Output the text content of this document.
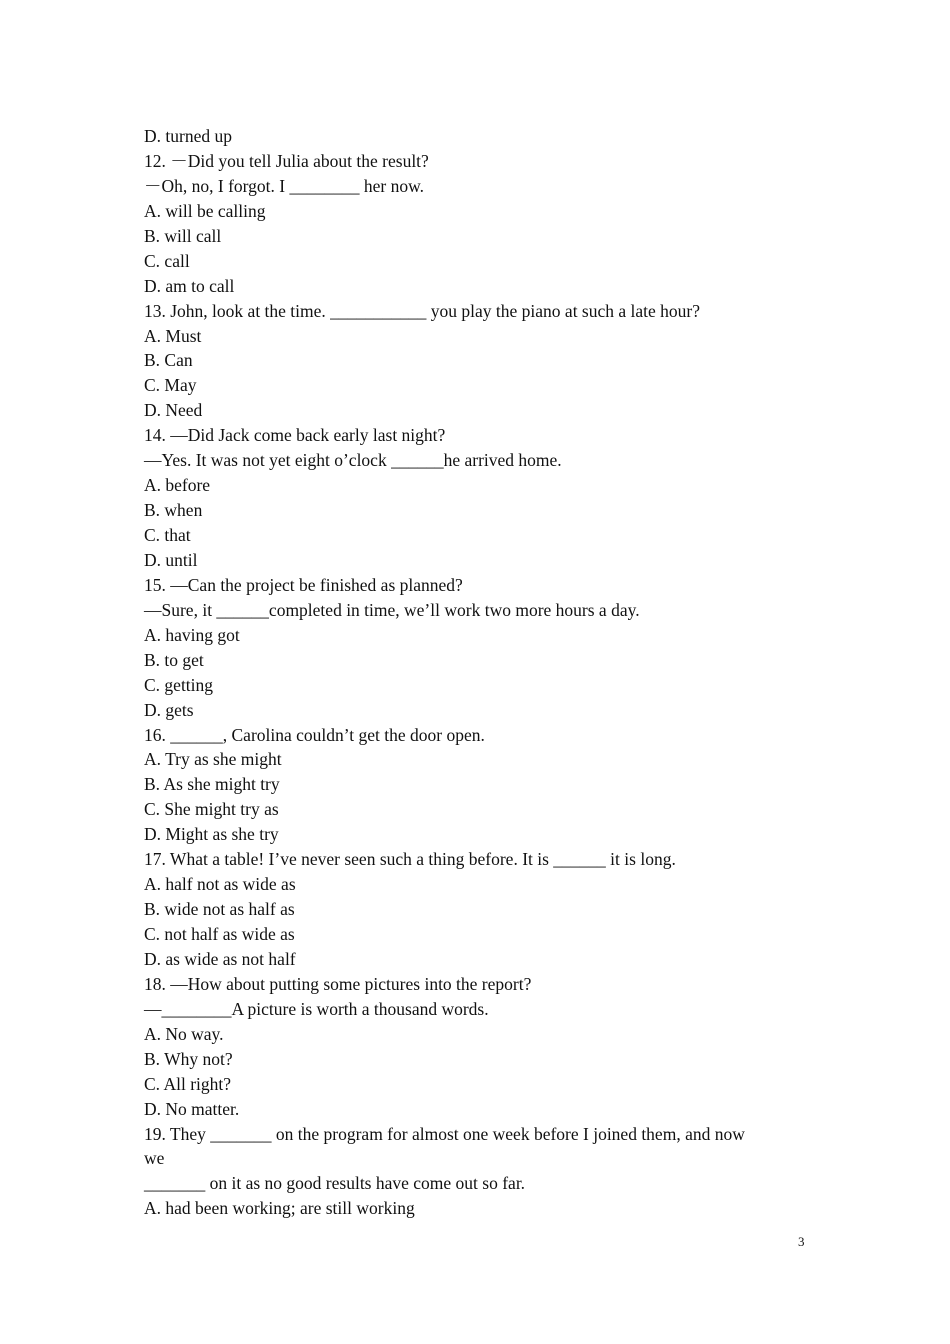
D. turned up
12. －Did you tell Julia about the result?
－Oh, no, I forgot. I ________ her now.
A. will be calling
B. will call
C. call
D. am to call
13. John, look at the time. ___________ you play the piano at such a late hour?
A. Must
B. Can
C. May
D. Need
14. —Did Jack come back early last night?
—Yes. It was not yet eight o’clock ______he arrived home.
A. before
B. when
C. that
D. until
15. —Can the project be finished as planned?
—Sure, it ______completed in time, we’ll work two more hours a day.
A. having got
B. to get
C. getting
D. gets
16. ______, Carolina couldn’t get the door open.
A. Try as she might
B. As she might try
C. She might try as
D. Might as she try
17. What a table! I’ve never seen such a thing before. It is ______ it is long.
A. half not as wide as
B. wide not as half as
C. not half as wide as
D. as wide as not half
18. —How about putting some pictures into the report?
—________A picture is worth a thousand words.
A. No way.
B. Why not?
C. All right?
D. No matter.
19. They _______ on the program for almost one week before I joined them, and now
we
_______ on it as no good results have come out so far.
A. had been working; are still working
3
